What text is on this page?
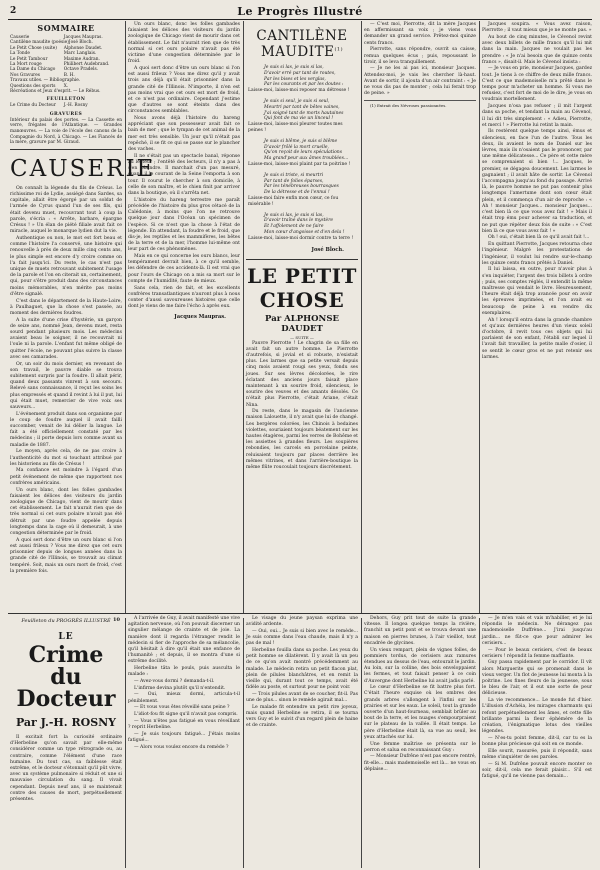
2	Le Progrès Illustré
SOMMAIRE
Causerie	Jacques Maupras.
Cantilène maudite (poésie) José Bloch.
Le Petit Chose (suite)	Alphonse Daudet.
La Tonde	Marc Langlais.
Le Petit Tambour	Maxime Audran.
La Mort rouge	Philibert Audebrand.
La Dame du Chicago	Octave Pradels.
Nos Gravures	B. H.
Travaux utiles. — Bibliographie.
Questions des sports	X.
Récréations et Jeux d'esprit. — Le Rébus.
FEUILLETON
Le Crime du Docteur	J.-H. Rosny
GRAVURES
Intérieur du palais des portes. — La Cassette en verre, frégates de l'Atlantique. — Grandes manœuvres. — La voie de l'école des canons de la Compagnie du Nord, à Chicago. — Les Fiancés de la mère, gravure par M. Giraud.
CAUSERIE

On connaît la légende du fils de Crésus. Le richissime roi de Lydie, assiégé dans Sardes, sa capitale, allait être égorgé par un soldat de l'armée de Cyrus quand l'un de ses fils, qui était devenu muet, recouvrant tout à coup la parole, s'écria : « Arrête, barbare, épargne Crésus ! » Un élan de piété filiale avait fait ce miracle, auquel le monarque lydien dut la vie.

Authentique ou non, le mot est fort beau et comme l'histoire l'a conservé, une histoire qui renouvelle à près de deux mille cinq cents ans, le plus simple est encore d'y croire comme on l'a fait jusqu'ici. Du reste, le cas n'est pas unique de muets retrouvant subitement l'usage de la parole et l'on en citerait un, certainement, qui, pour s'être produit dans des circonstances moins mémorables, n'en mérite pas moins d'être signalé.

C'est dans le département de la Haute-Loire, à Paulhaguet, que la chose s'est passée, au moment des dernières foudres.

A la suite d'une crise d'hystérie, un garçon de seize ans, nommé Jean, devenu muet, resta sourd pendant plusieurs mois. Les médecins avaient beau le soigner, il ne recouvrait ni l'ouïe ni la parole. L'enfant fut même obligé de quitter l'école, ne pouvant plus suivre la classe avec ses camarades.

Or, un soir du mois dernier, en revenant de son travail, le pauvre diable se trouva subitement surpris par la foudre. Il allait périr, quand deux passants vinrent à son secours. Relevé sans connaissance, il reçut les soins les plus empressés et quand il revint à lui il put, lui qui était muet, remercier de vive voix ses sauveurs...

L'événement produit dans son organisme par le coup de foudre auquel il avait failli succomber, venait de lui délier la langue. Le fait a été officiellement constaté par les médecins ; il porte depuis lors comme avant sa maladie de 1887.

Le moyen, après cela, de ne pas croire à l'authenticité du mot si touchant attribué par les historiens au fils de Crésus !

Ma confiance est moindre à l'égard d'un petit événement de même que rapportent nos confrères américains.

Un ours blanc, dont les folles gambades faisaient les délices des visiteurs du jardin zoologique de Chicago, vient de mourir dans cet établissement. Le fait n'aurait rien que de très normal si cet ours polaire n'avait pas été détruit par une foudre appelée depuis longtemps dans la cage où il demeurait, à une congestion déterminée par le froid.

A quoi sert donc d'être un ours blanc si l'on est aussi frileux ? Vous me direz que cet ours prisonnier depuis de longues années dans la grande cité de l'Illinois, se trouvait au climat tempéré. Soit, mais un ours mort de froid, c'est la première fois.

Un ours blanc, donc les folles gambades faisaient les délices des visiteurs du jardin zoologique de Chicago vient de mourir dans cet établissement. Le fait n'aurait rien que de très normal si cet ours polaire n'avait pas été victime d'une congestion déterminée par le froid.

A quoi sert donc d'être un ours blanc si l'on est aussi frileux ? Vous me direz qu'il y avait trois ans déjà qu'il était prisonnier dans la grande cité de l'Illinois. N'importe, il n'en est pas moins vrai que cet ours est mort de froid, et ce n'est pas ordinaire. Cependant j'estime que d'autres se sont éteints dans des circonstances semblables.

Nous avons déjà l'histoire du hareng appréciant que son possesseur avait fait ce bain de mer ; que le tympan de cet animal de la mer est très sensible. Un jour qu'il n'était pas repêché, il se fit ce qui se passe sur le plancher des vaches.

Il ne s'était pas un spectacle banal, réponse au lecteur ; l'entêté des lecteurs, il n'y a pas à s'en plaindre. Il marchait d'un pas mesuré, quand il le courant de la Seine l'emporta à son tour. Il courut le chercher à son domicile, à celle de son maître, et le chien finit par arriver dans la boutique, où il s'arrêta net.

L'histoire du hareng terrestre me paraît précédée de l'histoire du plus gros cétacé de la Calédonie, à moins que l'on ne retrouve quelque jour dans l'Océan un spécimen de l'espèce. Si ce n'est que la chose à l'état de légende. En attendant, la foudre et le froid, que dis-je, les reptiles et les mammifères, les bêtes de la terre et de la mer, l'homme lui-même ont leur part de ces phénomènes.

Mais en ce qui concerne les ours blancs, leur tempérament devrait bien, à ce qu'il semble, les défendre de ces accidents-là. Il est vrai que pour l'ours de Chicago on a mis sa mort sur le compte de l'humidité, faute de mieux.

Sans cela, rien de fait, et les excellents confrères transatlantiques n'auront plus à nous conter d'aussi savoureuses histoires que celle dont je viens de me faire l'écho à après eux.

Jacques Maupras.
CANTILÈNE MAUDITE$^{(1)}$
Je suis si las, je suis si las,
D'avoir erré par tant de routes,
Par les bises et les verglas,
Par les courants et par les doutes :
Laisse-moi, laisse-moi reposer ma détresse !
Je suis si seul, je suis si seul,
Meurtri par tant de bêtes vaines,
J'ai soigné tant de morts hautaines
Qui font de ma vie un linceul !
Laisse-moi, laisse-moi pleurer toutes mes peines !
Je suis si blême, je suis si blême
D'avoir frôlé la mort cruelle,
Qu'on reçoit de leurs spéculations
Ma grand'peur aux âmes troublées...
Laisse-moi, laisse-moi plaint par ta poitrine !
Je suis si triste, si meurtri
Par tant de folies éparses,
Par les ténébreuses bourrasques
De la détresse et de l'ennui !
Laisse-moi faire enfin mon cœur, ce fou misérable !
Je suis si las, je suis si las,
D'avoir traîné dans le mystère
Et l'affolement de ne faire
Mon cœur d'angoisse et d'en dela !
Laisse-moi, laisse-moi dormir contre ta terre !
José Bloch.
LE PETIT CHOSE
Par ALPHONSE DAUDET
— SUITE —

Pauvre Pierrotte ! Le chagrin de sa fille en avait fait un autre homme. Le Pierrotte d'autrefois, si jovial et si robuste, n'existait plus. Les larmes que sa petite versait depuis cinq mois avaient rougi ses yeux, fondu ses joues. Sur ses lèvres décolorées, le rire éclatant des anciens jours faisait place maintenant à un sourire froid, silencieux, le sourire des veuves et des amants désolés. Ce n'était plus Pierrotte, c'était Ariane, c'était Nina.

Du reste, dans le magasin de l'ancienne maison Lalouette, il n'y avait que lui de changé. Les bergères colorées, les Chinois à bedaines violettes, souriaient toujours béatement sur les hautes étagères, parmi les verres de Bohême et les assiettes à grandes fleurs. Les soupières rebondies, les carcels en porcelaine peinte, reluisaient toujours par places derrière les mêmes vitrines, et dans l'arrière-boutique la même flûte roucoulait toujours discrètement.

— C'est moi, Pierrotte, dit la mère Jacques en affermissant sa voix ; je viens vous demander un grand service. Prêtez-moi quinze cents francs.

Pierrotte, sans répondre, ouvrit sa caisse, remua quelques écus ; puis, repoussant le tiroir, il se leva tranquillement.

— Je ne les ai pas ici, monsieur Jacques. Attendez-moi, je vais les chercher là-haut. Avant de sortir, il ajouta d'un air contraint : « Je ne vous dis pas de monter ; cela lui ferait trop de peine. »

(1) Extrait des Névroses passionnées.

Jacques soupira. « Vous avez raison, Pierrotte ; il vaut mieux que je ne monte pas. »

Au bout de cinq minutes, le Cévenol revint avec deux billets de mille francs qu'il lui mit dans la main. Jacques ne voulait pas les prendre : « Je n'ai besoin que de quinze cents francs », disait-il. Mais le Cévenol insista :

— Je vous en prie, monsieur Jacques, gardez tout. Je tiens à ce chiffre de deux mille francs. C'est ce que mademoiselle m'a prêté dans le temps pour m'acheter un homme. Si vous me refusiez, c'est fort de moi de le dire, je vous en voudrais mortellement.

Jacques n'osa pas refuser ; il mit l'argent dans sa poche, et tendant la main au Cévenol, il lui dit très simplement : « Adieu, Pierrotte, et merci ! » Pierrotte lui retint la main.

Ils restèrent quelque temps ainsi, émus et silencieux, en face l'un de l'autre. Tous les deux, ils avaient le nom de Daniel sur les lèvres, mais ils n'osaient pas le prononcer, par une même délicatesse... Ce père et cette mère se comprenaient si bien !... Jacques, le premier, se dégagea doucement. Les larmes le gagnaient ; il avait hâte de sortir. Le Cévenol l'accompagna jusqu'au fond du passage. Arrivé là, le pauvre homme ne put pas contenir plus longtemps l'amertume dont son cœur était plein, et il commença d'un air de reproche : « Ah ! monsieur Jacques... monsieur Jacques... c'est bien là ce que vous avez fait ! » Mais il était trop ému pour achever sa traduction, et ne put que répéter deux fois de suite : « C'est bien là ce que vous avez fait ! »

Oh ! oui, c'était bien là ce qu'il avait fait !...

En quittant Pierrotte, Jacques retourna chez l'ingénieur. Malgré les protestations de l'ingénieur, il voulut lui rendre sur-le-champ les quinze cents francs prêtés à Daniel.

Il lui laissa, en outre, pour n'avoir plus à s'en inquiéter, l'argent des trois billets à ordre ; puis, ses comptes réglés, il entendit la même maîtresse qui vendait le livre. Heureusement, l'heure était déjà trop avancée pour en avoir les épreuves imprimées, et l'on avait eu beaucoup de peine à en vendre dix exemplaires.

Ah ! lorsqu'il entra dans la grande chambre et qu'aux dernières heures d'un vieux soleil d'octobre, il revit tous ces objets qui lui parlaient de son enfant, l'établi sur lequel il l'avait fait travailler, la petite malle d'osier, il se sentit le cœur gros et ne put retenir ses larmes.

Feuilleton du PROGRÈS ILLUSTRÉ 10
LE
Crime du Docteur
Par J.-H. ROSNY

Il excitait fort la curiosité ordinaire d'Herbeline qu'on savait par elle-même considérer comme un type rétrograde ou, au contraire, comme l'élément d'une race humaine. Du tout cas, sa faiblesse était extrême, et le docteur s'étonnait qu'il pût vivre, avec un système pulmonaire si réduit et une si mauvaise circulation du sang. Il vivait cependant. Depuis neuf ans, il se maintenait contre des causes de mort, perpétuellement présentes.

A l'arrivée de Guy, il avait manifesté une vive agitation nerveuse, où l'on pouvait discerner un singulier mélange de crainte et de joie. La manière dont il regarda l'étranger rendit le médecin si fier de l'approche de sa mélancolie, qu'il hésitait à dire qu'il était une enfance de l'humanité ; et depuis, il se montra d'une si extrême docilité.

Herbeline tâta le pouls, puis ausculta le malade :

— Avez-vous dormi ? demanda-t-il.

L'infirme devina plutôt qu'il n'entendit.

— Oui, mieux dormi, articula-t-il péniblement.

— Et vous vous êtes réveillé sans peine ?

L'idiot-fou fit signe qu'il n'avait pas compris.

— Vous n'êtes pas fatigué en vous réveillant ? reprit Herbeline.

— Je suis toujours fatigué... J'étais moins fatigué...

— Alors vous voulez encore du remède ?

Le visage du jeune paysan exprima une avidité ardente.

— Oui, oui... Je suis si bien avec le remède... Je suis comme dans l'eau chaude, mais il n'y a pas de mal !

Herbeline fouilla dans sa poche. Les yeux du petit homme se dilatèrent. Il y avait là un peu de ce qu'on avait montré précédemment au malade. Le médecin retira un petit flacon plat, plein de pilules blanchâtres, et en remit la vieille qui, durant tout ce temps, avait été fidèle au poste, et surtout pour ne point voir.

— Trois pilules avant de se coucher, fit-il. Pas une de plus... sinon le remède agirait mal...

Le malade fit entendre un petit rire joyeux, mais quand Herbeline se retira, il se tourna vers Guy et le suivit d'un regard plein de haine et de crainte.

Dehors, Guy prit tout de suite la grande vitesse. Il longea quelque temps la rivière, franchit un petit pont et se trouva devant une maison en pierres brunes, à l'air vieillot, tout encadrée de glycines.

Un vieux rempart, plein de vignes folles, de pommiers tordus, de cerisiers aux ramures étendues au dessus de l'eau, entourait le jardin. Au loin, sur la colline, des bois enveloppaient les fermes, et tout faisait penser à ce coin d'Auvergne dont Herbeline lui avait jadis parlé.

Le cœur d'Herbeline se fit battre plus fort. C'était l'heure exquise où les ombres des grands arbres s'allongent à l'infini sur les prairies et sur les eaux. Le soleil, tout la grande ouverte d'un haut-fourneau, semblait brûler au bout de la terre, et les nuages s'empourpraient sur le plateau de la vallée. Il était temps. Le père d'Herbeline était là, sa vue au seuil, les yeux attachés sur lui.

Une femme maîtrise se présenta sur le perron et salua en reconnaissant Guy :

— Monsieur Dufrêne n'est pas encore rentré, fit-elle... mais mademoiselle est là... ne vous en déplaise...

— Je m'en vais et vais m'habiller, et je lui répondis le médecin. Ne dérangez pas mademoiselle Duffrène... J'irai jusqu'au jardin... ne fût-ce que pour admirer les cerisiers...

— Pour le beaux cerisiers, c'est de beaux cerisiers ! répondit la femme maffiante.

Guy passa rapidement par le corridor. Il vit alors Marguerite qui se promenait dans le vieux verger. Un flot de jeunesse lui monta à la poitrine. Les fines fleurs de la jeunesse, sous le bleu de l'air, et il eut une sorte de peur délicieuse.

La vie recommence... Le monde fut d'hier. L'illusion d'Achéia, les mirages charmants qui refont perpétuellement les âmes, et cette fille brillante parmi la fleur éphémère de la création, l'énigmatique lotus des vieilles légendes.

— N'es-tu point femme, dit-il, car tu es la bonne plus précieuse qui soit en ce monde.

Elle sourit, rassurée, puis il répondit, sans même s'inquiéter de ses paroles.

— Si M. Dufrêne pouvait encore monter ce soir, dit-il, cela me ferait plaisir... S'il est fatigué, qu'il ne vienne pas demain...
